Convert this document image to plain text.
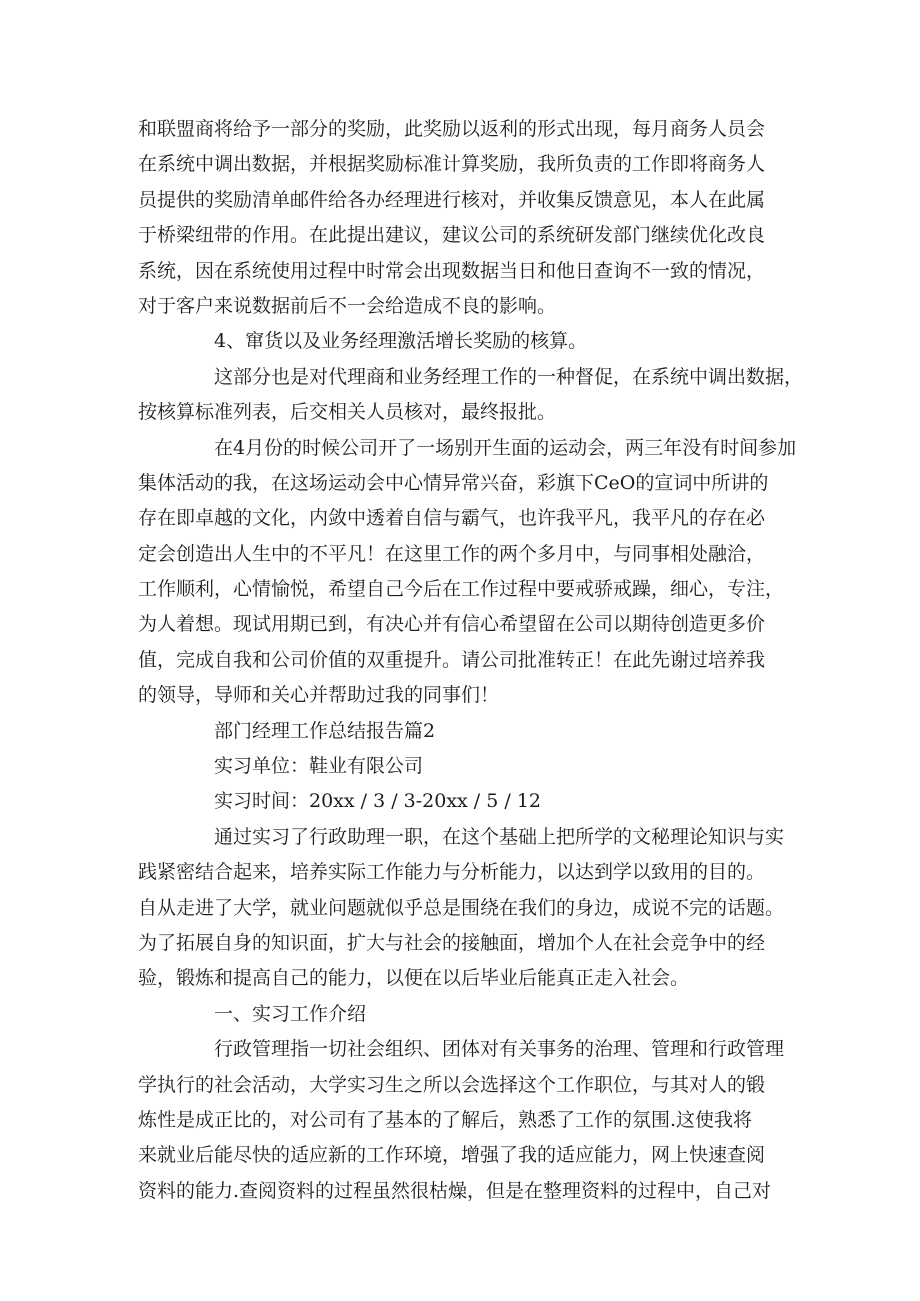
和联盟商将给予一部分的奖励，此奖励以返利的形式出现，每月商务人员会
在系统中调出数据，并根据奖励标准计算奖励，我所负责的工作即将商务人
员提供的奖励清单邮件给各办经理进行核对，并收集反馈意见，本人在此属
于桥梁纽带的作用。在此提出建议，建议公司的系统研发部门继续优化改良
系统，因在系统使用过程中时常会出现数据当日和他日查询不一致的情况，
对于客户来说数据前后不一会给造成不良的影响。
4、窜货以及业务经理激活增长奖励的核算。
这部分也是对代理商和业务经理工作的一种督促，在系统中调出数据，
按核算标准列表，后交相关人员核对，最终报批。
在4月份的时候公司开了一场别开生面的运动会，两三年没有时间参加
集体活动的我，在这场运动会中心情异常兴奋，彩旗下CeO的宣词中所讲的
存在即卓越的文化，内敛中透着自信与霸气，也许我平凡，我平凡的存在必
定会创造出人生中的不平凡！在这里工作的两个多月中，与同事相处融洽，
工作顺利，心情愉悦，希望自己今后在工作过程中要戒骄戒躁，细心，专注，
为人着想。现试用期已到，有决心并有信心希望留在公司以期待创造更多价
值，完成自我和公司价值的双重提升。请公司批准转正！在此先谢过培养我
的领导，导师和关心并帮助过我的同事们！
部门经理工作总结报告篇2
实习单位：鞋业有限公司
实习时间：20xx / 3 / 3-20xx / 5 / 12
通过实习了行政助理一职，在这个基础上把所学的文秘理论知识与实
践紧密结合起来，培养实际工作能力与分析能力，以达到学以致用的目的。
自从走进了大学，就业问题就似乎总是围绕在我们的身边，成说不完的话题。
为了拓展自身的知识面，扩大与社会的接触面，增加个人在社会竞争中的经
验，锻炼和提高自己的能力，以便在以后毕业后能真正走入社会。
一、实习工作介绍
行政管理指一切社会组织、团体对有关事务的治理、管理和行政管理
学执行的社会活动，大学实习生之所以会选择这个工作职位，与其对人的锻
炼性是成正比的，对公司有了基本的了解后，熟悉了工作的氛围.这使我将
来就业后能尽快的适应新的工作环境，增强了我的适应能力，网上快速查阅
资料的能力.查阅资料的过程虽然很枯燥，但是在整理资料的过程中，自己对
